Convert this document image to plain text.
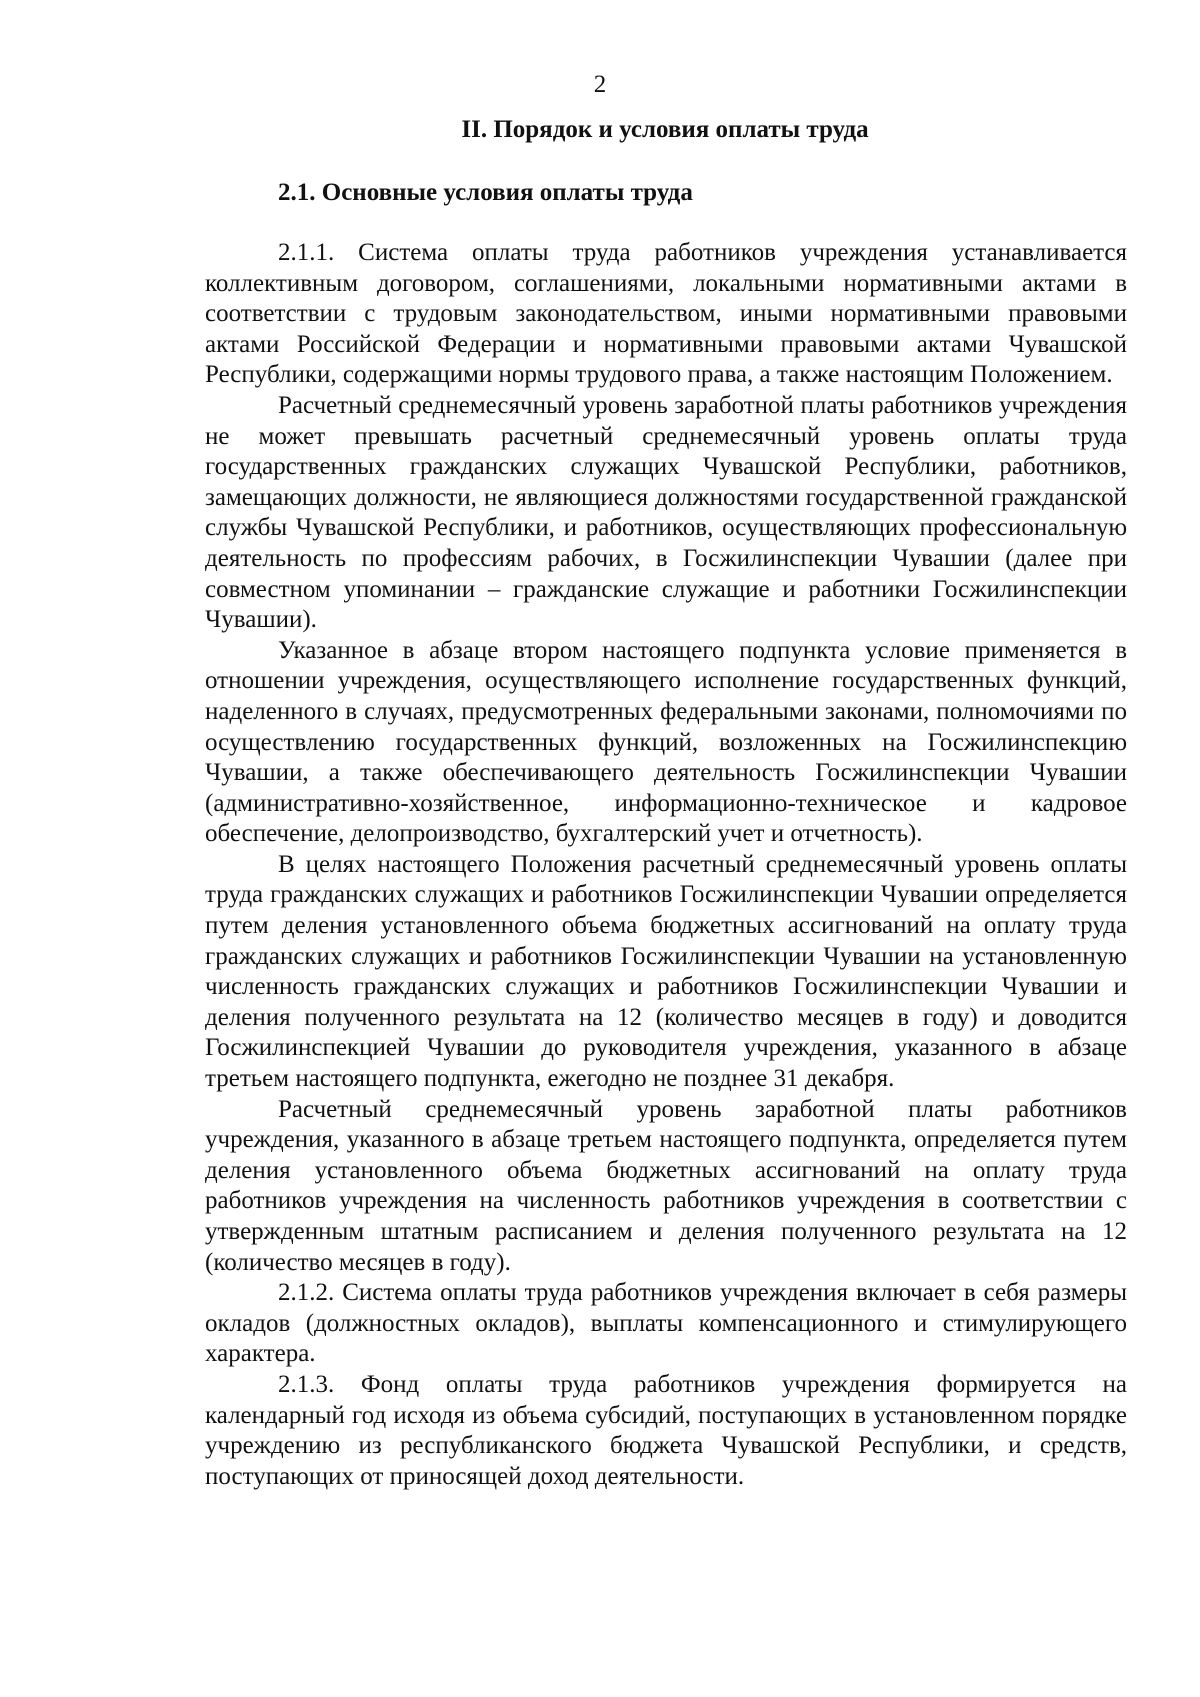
2
II. Порядок и условия оплаты труда
2.1. Основные условия оплаты труда

2.1.1. Система оплаты труда работников учреждения устанавливается коллективным договором, соглашениями, локальными нормативными актами в соответствии с трудовым законодательством, иными нормативными правовыми актами Российской Федерации и нормативными правовыми актами Чувашской Республики, содержащими нормы трудового права, а также настоящим Положением.

Расчетный среднемесячный уровень заработной платы работников учреждения не может превышать расчетный среднемесячный уровень оплаты труда государственных гражданских служащих Чувашской Республики, работников, замещающих должности, не являющиеся должностями государственной гражданской службы Чувашской Республики, и работников, осуществляющих профессиональную деятельность по профессиям рабочих, в Госжилинспекции Чувашии (далее при совместном упоминании – гражданские служащие и работники Госжилинспекции Чувашии).

Указанное в абзаце втором настоящего подпункта условие применяется в отношении учреждения, осуществляющего исполнение государственных функций, наделенного в случаях, предусмотренных федеральными законами, полномочиями по осуществлению государственных функций, возложенных на Госжилинспекцию Чувашии, а также обеспечивающего деятельность Госжилинспекции Чувашии (административно-хозяйственное, информационно-техническое и кадровое обеспечение, делопроизводство, бухгалтерский учет и отчетность).

В целях настоящего Положения расчетный среднемесячный уровень оплаты труда гражданских служащих и работников Госжилинспекции Чувашии определяется путем деления установленного объема бюджетных ассигнований на оплату труда гражданских служащих и работников Госжилинспекции Чувашии на установленную численность гражданских служащих и работников Госжилинспекции Чувашии и деления полученного результата на 12 (количество месяцев в году) и доводится Госжилинспекцией Чувашии до руководителя учреждения, указанного в абзаце третьем настоящего подпункта, ежегодно не позднее 31 декабря.

Расчетный среднемесячный уровень заработной платы работников учреждения, указанного в абзаце третьем настоящего подпункта, определяется путем деления установленного объема бюджетных ассигнований на оплату труда работников учреждения на численность работников учреждения в соответствии с утвержденным штатным расписанием и деления полученного результата на 12 (количество месяцев в году).

2.1.2. Система оплаты труда работников учреждения включает в себя размеры окладов (должностных окладов), выплаты компенсационного и стимулирующего характера.

2.1.3. Фонд оплаты труда работников учреждения формируется на календарный год исходя из объема субсидий, поступающих в установленном порядке учреждению из республиканского бюджета Чувашской Республики, и средств, поступающих от приносящей доход деятельности.
